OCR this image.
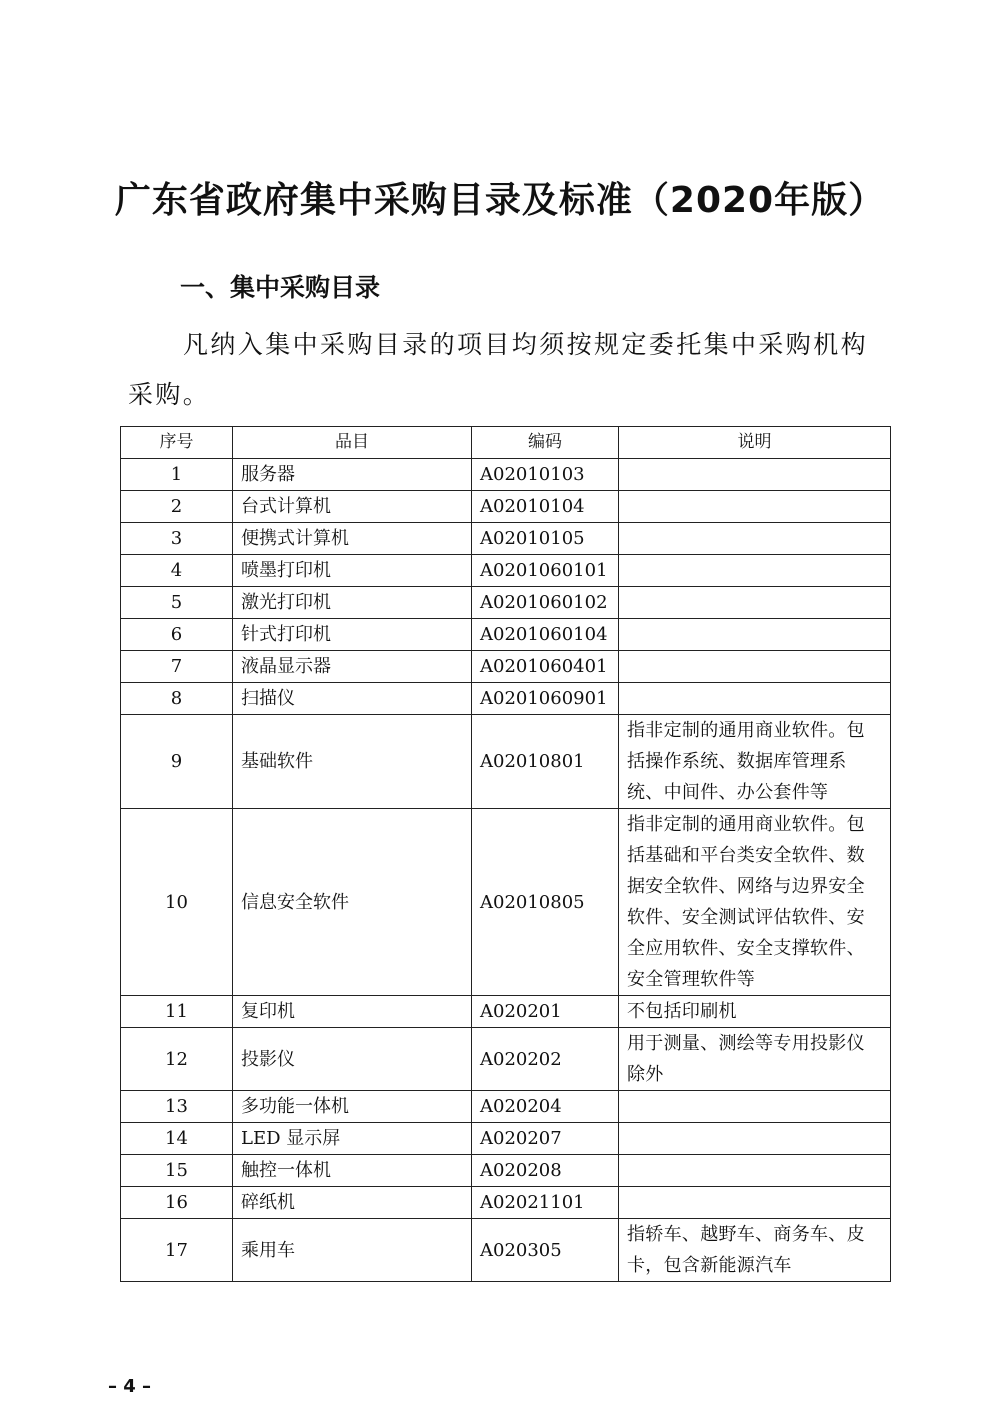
广东省政府集中采购目录及标准（2020年版）
一、集中采购目录
凡纳入集中采购目录的项目均须按规定委托集中采购机构采购。
序号	品目	编码	说明
1	服务器	A02010103	
2	台式计算机	A02010104	
3	便携式计算机	A02010105	
4	喷墨打印机	A0201060101	
5	激光打印机	A0201060102	
6	针式打印机	A0201060104	
7	液晶显示器	A0201060401	
8	扫描仪	A0201060901	
9	基础软件	A02010801	指非定制的通用商业软件。包括操作系统、数据库管理系统、中间件、办公套件等
10	信息安全软件	A02010805	指非定制的通用商业软件。包括基础和平台类安全软件、数据安全软件、网络与边界安全软件、安全测试评估软件、安全应用软件、安全支撑软件、安全管理软件等
11	复印机	A020201	不包括印刷机
12	投影仪	A020202	用于测量、测绘等专用投影仪除外
13	多功能一体机	A020204	
14	LED 显示屏	A020207	
15	触控一体机	A020208	
16	碎纸机	A02021101	
17	乘用车	A020305	指轿车、越野车、商务车、皮卡，包含新能源汽车
– 4 –
